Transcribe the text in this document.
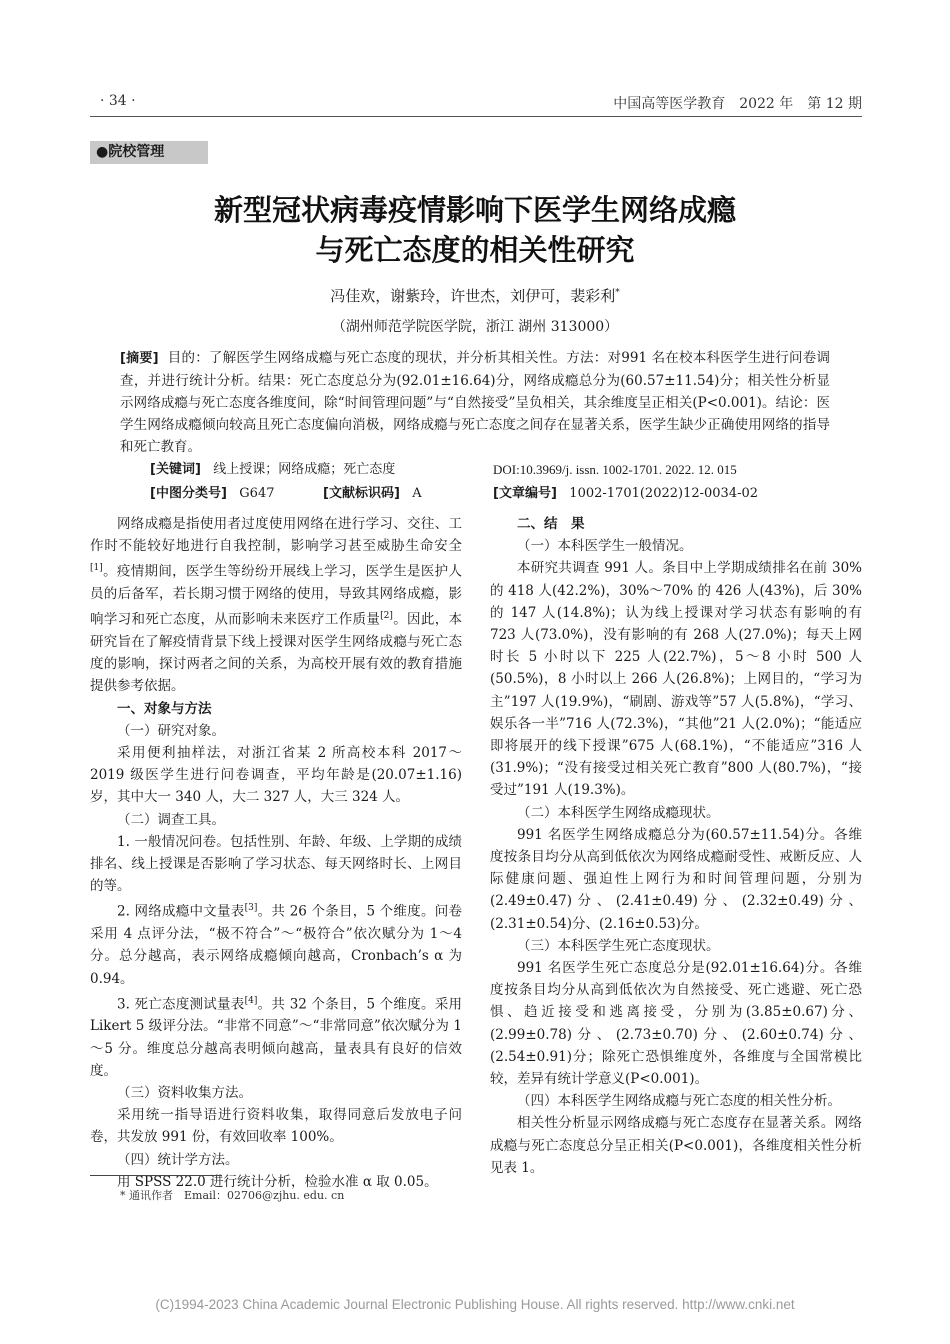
· 34 ·	中国高等医学教育　2022 年　第 12 期
●院校管理
新型冠状病毒疫情影响下医学生网络成瘾
与死亡态度的相关性研究
冯佳欢，谢紫玲，许世杰，刘伊可，裴彩利*
（湖州师范学院医学院，浙江 湖州 313000）
[摘要] 目的：了解医学生网络成瘾与死亡态度的现状，并分析其相关性。方法：对991 名在校本科医学生进行问卷调查，并进行统计分析。结果：死亡态度总分为(92.01±16.64)分，网络成瘾总分为(60.57±11.54)分；相关性分析显示网络成瘾与死亡态度各维度间，除“时间管理问题”与“自然接受”呈负相关，其余维度呈正相关(P<0.001)。结论：医学生网络成瘾倾向较高且死亡态度偏向消极，网络成瘾与死亡态度之间存在显著关系，医学生缺少正确使用网络的指导和死亡教育。
[关键词] 线上授课；网络成瘾；死亡态度	DOI:10.3969/j. issn. 1002-1701. 2022. 12. 015
[中图分类号] G647	[文献标识码] A	[文章编号] 1002-1701(2022)12-0034-02

网络成瘾是指使用者过度使用网络在进行学习、交往、工作时不能较好地进行自我控制，影响学习甚至威胁生命安全[1]。疫情期间，医学生等纷纷开展线上学习，医学生是医护人员的后备军，若长期习惯于网络的使用，导致其网络成瘾，影响学习和死亡态度，从而影响未来医疗工作质量[2]。因此，本研究旨在了解疫情背景下线上授课对医学生网络成瘾与死亡态度的影响，探讨两者之间的关系，为高校开展有效的教育措施提供参考依据。

一、对象与方法

（一）研究对象。

采用便利抽样法，对浙江省某 2 所高校本科 2017～2019 级医学生进行问卷调查，平均年龄是(20.07±1.16)岁，其中大一 340 人，大二 327 人，大三 324 人。

（二）调查工具。

1. 一般情况问卷。包括性别、年龄、年级、上学期的成绩排名、线上授课是否影响了学习状态、每天网络时长、上网目的等。

2. 网络成瘾中文量表[3]。共 26 个条目，5 个维度。问卷采用 4 点评分法，“极不符合”～“极符合”依次赋分为 1～4 分。总分越高，表示网络成瘾倾向越高，Cronbach’s α 为 0.94。

3. 死亡态度测试量表[4]。共 32 个条目，5 个维度。采用 Likert 5 级评分法。“非常不同意”～“非常同意”依次赋分为 1～5 分。维度总分越高表明倾向越高，量表具有良好的信效度。

（三）资料收集方法。

采用统一指导语进行资料收集，取得同意后发放电子问卷，共发放 991 份，有效回收率 100%。

（四）统计学方法。

用 SPSS 22.0 进行统计分析，检验水准 α 取 0.05。

二、结　果

（一）本科医学生一般情况。

本研究共调查 991 人。条目中上学期成绩排名在前 30% 的 418 人(42.2%)，30%～70% 的 426 人(43%)，后 30% 的 147 人(14.8%)；认为线上授课对学习状态有影响的有 723 人(73.0%)，没有影响的有 268 人(27.0%)；每天上网时长 5 小时以下 225 人(22.7%)，5～8 小时 500 人(50.5%)，8 小时以上 266 人(26.8%)；上网目的，“学习为主”197 人(19.9%)，“刷剧、游戏等”57 人(5.8%)，“学习、娱乐各一半”716 人(72.3%)，“其他”21 人(2.0%)；“能适应即将展开的线下授课”675 人(68.1%)，“不能适应”316 人(31.9%)；“没有接受过相关死亡教育”800 人(80.7%)，“接受过”191 人(19.3%)。

（二）本科医学生网络成瘾现状。

991 名医学生网络成瘾总分为(60.57±11.54)分。各维度按条目均分从高到低依次为网络成瘾耐受性、戒断反应、人际健康问题、强迫性上网行为和时间管理问题，分别为(2.49±0.47)分、(2.41±0.49)分、(2.32±0.49)分、(2.31±0.54)分、(2.16±0.53)分。

（三）本科医学生死亡态度现状。

991 名医学生死亡态度总分是(92.01±16.64)分。各维度按条目均分从高到低依次为自然接受、死亡逃避、死亡恐惧、趋近接受和逃离接受，分别为(3.85±0.67)分、(2.99±0.78)分、(2.73±0.70)分、(2.60±0.74)分、(2.54±0.91)分；除死亡恐惧维度外，各维度与全国常模比较，差异有统计学意义(P<0.001)。

（四）本科医学生网络成瘾与死亡态度的相关性分析。

相关性分析显示网络成瘾与死亡态度存在显著关系。网络成瘾与死亡态度总分呈正相关(P<0.001)，各维度相关性分析见表 1。

* 通讯作者　Email：02706@zjhu. edu. cn
(C)1994-2023 China Academic Journal Electronic Publishing House. All rights reserved. http://www.cnki.net
